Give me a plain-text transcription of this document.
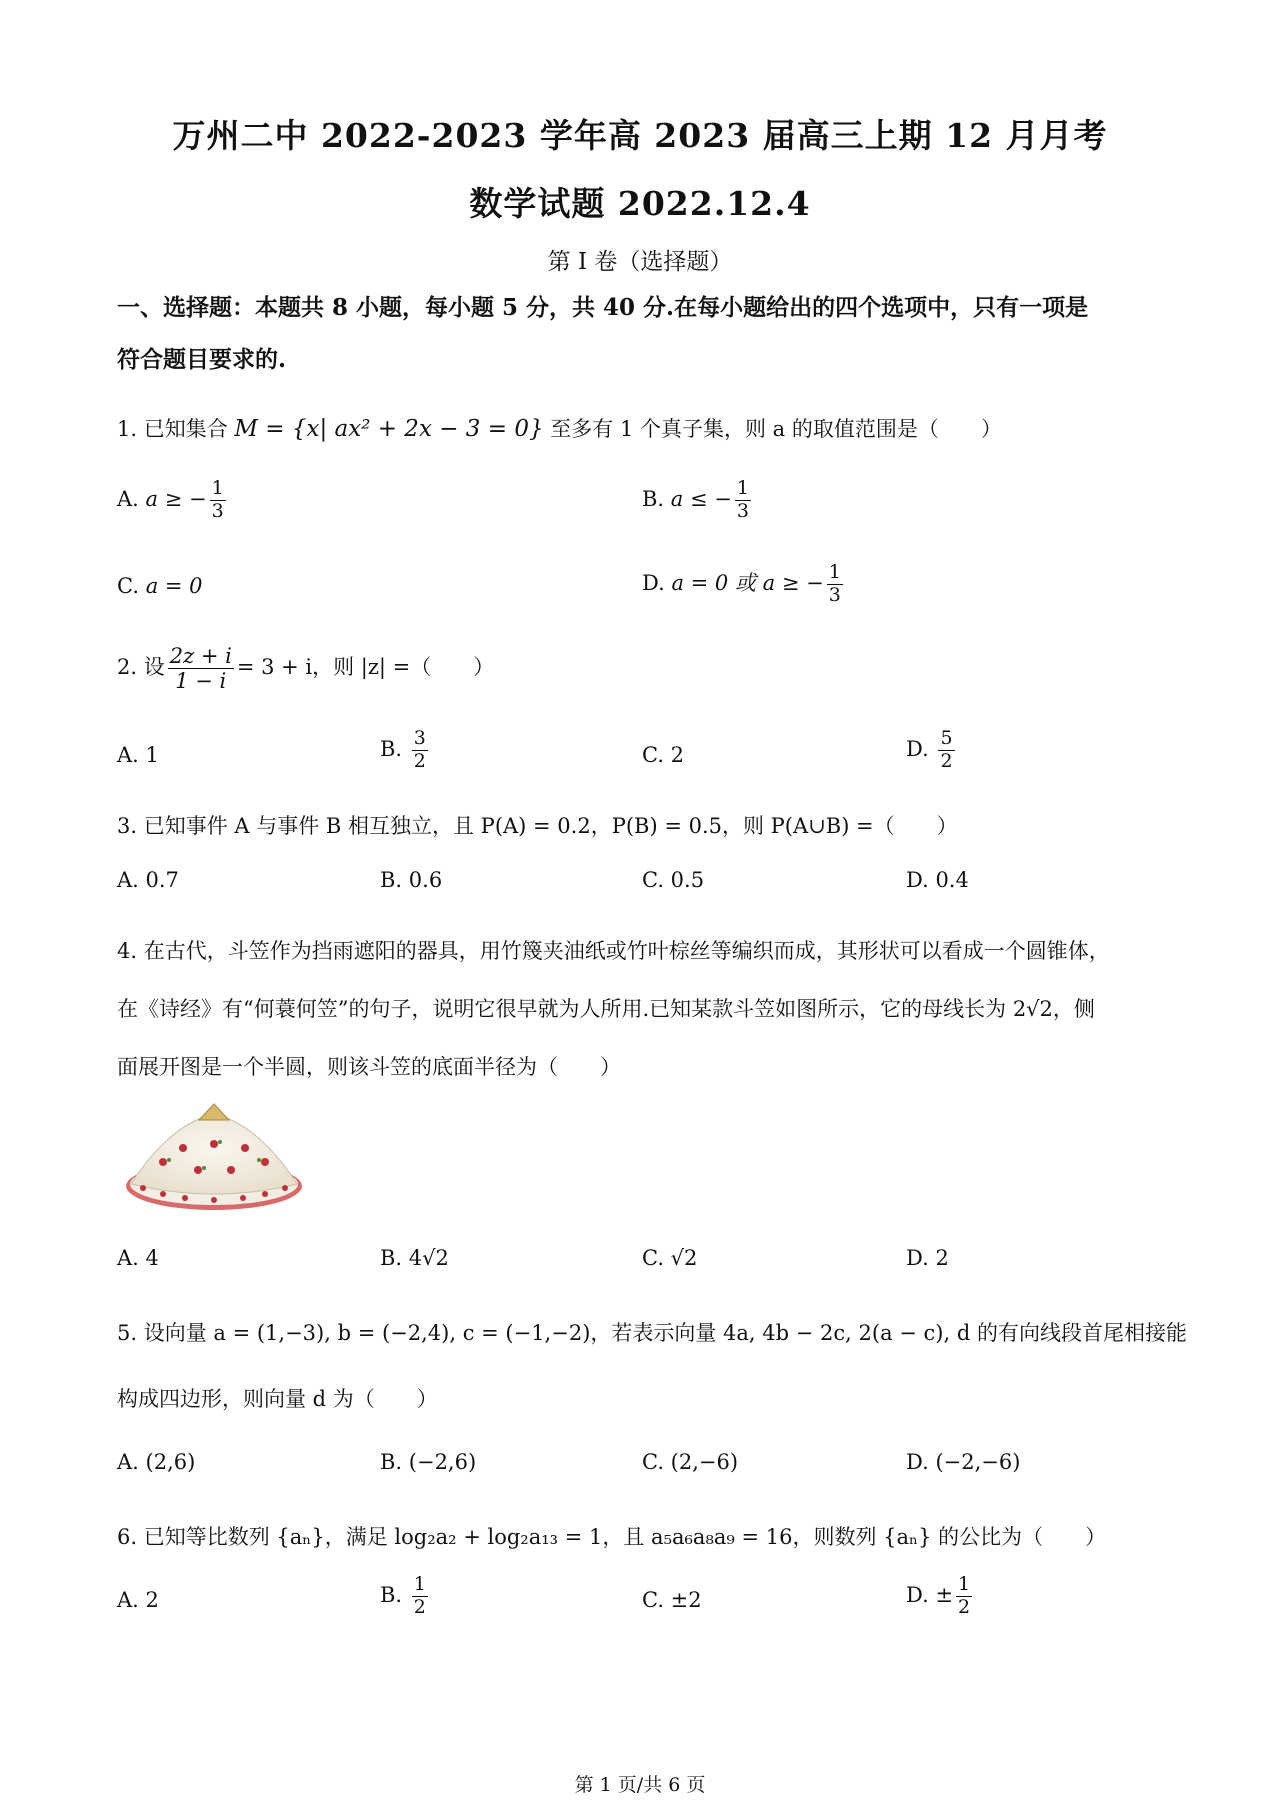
万州二中 2022-2023 学年高 2023 届高三上期 12 月月考
数学试题 2022.12.4
第 I 卷（选择题）
一、选择题：本题共 8 小题，每小题 5 分，共 40 分.在每小题给出的四个选项中，只有一项是
符合题目要求的.
1. 已知集合 M = {x| ax² + 2x − 3 = 0} 至多有 1 个真子集，则 a 的取值范围是（　　）
A. a ≥ − $\frac{1}{3}$	B. a ≤ − $\frac{1}{3}$
C. a = 0	D. a = 0 或 a ≥ − $\frac{1}{3}$
2. 设 $\frac{2z + i}{1 - i} = 3 + i$，则 |z| =（　　）
A. 1	B. $\frac{3}{2}$	C. 2	D. $\frac{5}{2}$
3. 已知事件 A 与事件 B 相互独立，且 P(A) = 0.2，P(B) = 0.5，则 P(A∪B) =（　　）
A. 0.7	B. 0.6	C. 0.5	D. 0.4
4. 在古代，斗笠作为挡雨遮阳的器具，用竹篾夹油纸或竹叶棕丝等编织而成，其形状可以看成一个圆锥体，
在《诗经》有“何蓑何笠”的句子，说明它很早就为人所用.已知某款斗笠如图所示，它的母线长为 2√2，侧
面展开图是一个半圆，则该斗笠的底面半径为（　　）
A. 4	B. 4√2	C. √2	D. 2
5. 设向量 a = (1,−3), b = (−2,4), c = (−1,−2)，若表示向量 4a, 4b − 2c, 2(a − c), d 的有向线段首尾相接能
构成四边形，则向量 d 为（　　）
A. (2,6)	B. (−2,6)	C. (2,−6)	D. (−2,−6)
6. 已知等比数列 {aₙ}，满足 log₂a₂ + log₂a₁₃ = 1，且 a₅a₆a₈a₉ = 16，则数列 {aₙ} 的公比为（　　）
A. 2	B. $\frac{1}{2}$	C. ±2	D. ± $\frac{1}{2}$
第 1 页/共 6 页
